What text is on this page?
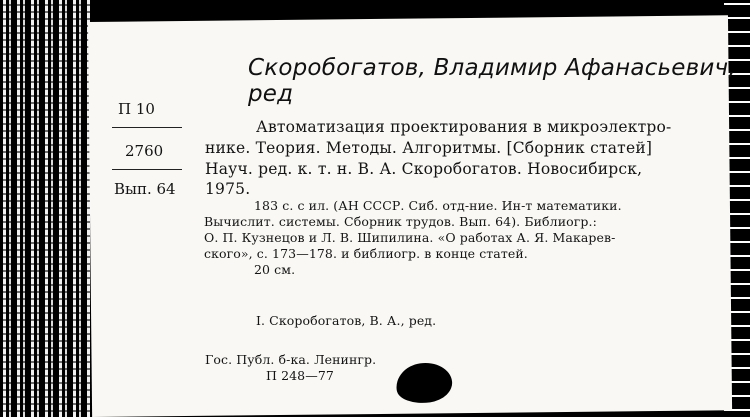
Скоробогатов, Владимир Афанасьевич, ред
П 10
2760
Вып. 64
Автоматизация проектирования в микроэлектро-
нике. Теория. Методы. Алгоритмы. [Сборник статей]
Науч. ред. к. т. н. В. А. Скоробогатов. Новосибирск,
1975.
183 с. с ил. (АН СССР. Сиб. отд-ние. Ин-т математики.
Вычислит. системы. Сборник трудов. Вып. 64). Библиогр.:
О. П. Кузнецов и Л. В. Шипилина. «О работах А. Я. Макарев-
ского», с. 173—178. и библиогр. в конце статей.
20 см.
I. Скоробогатов, В. А., ред.
Гос. Публ. б-ка. Ленингр.
П 248—77
